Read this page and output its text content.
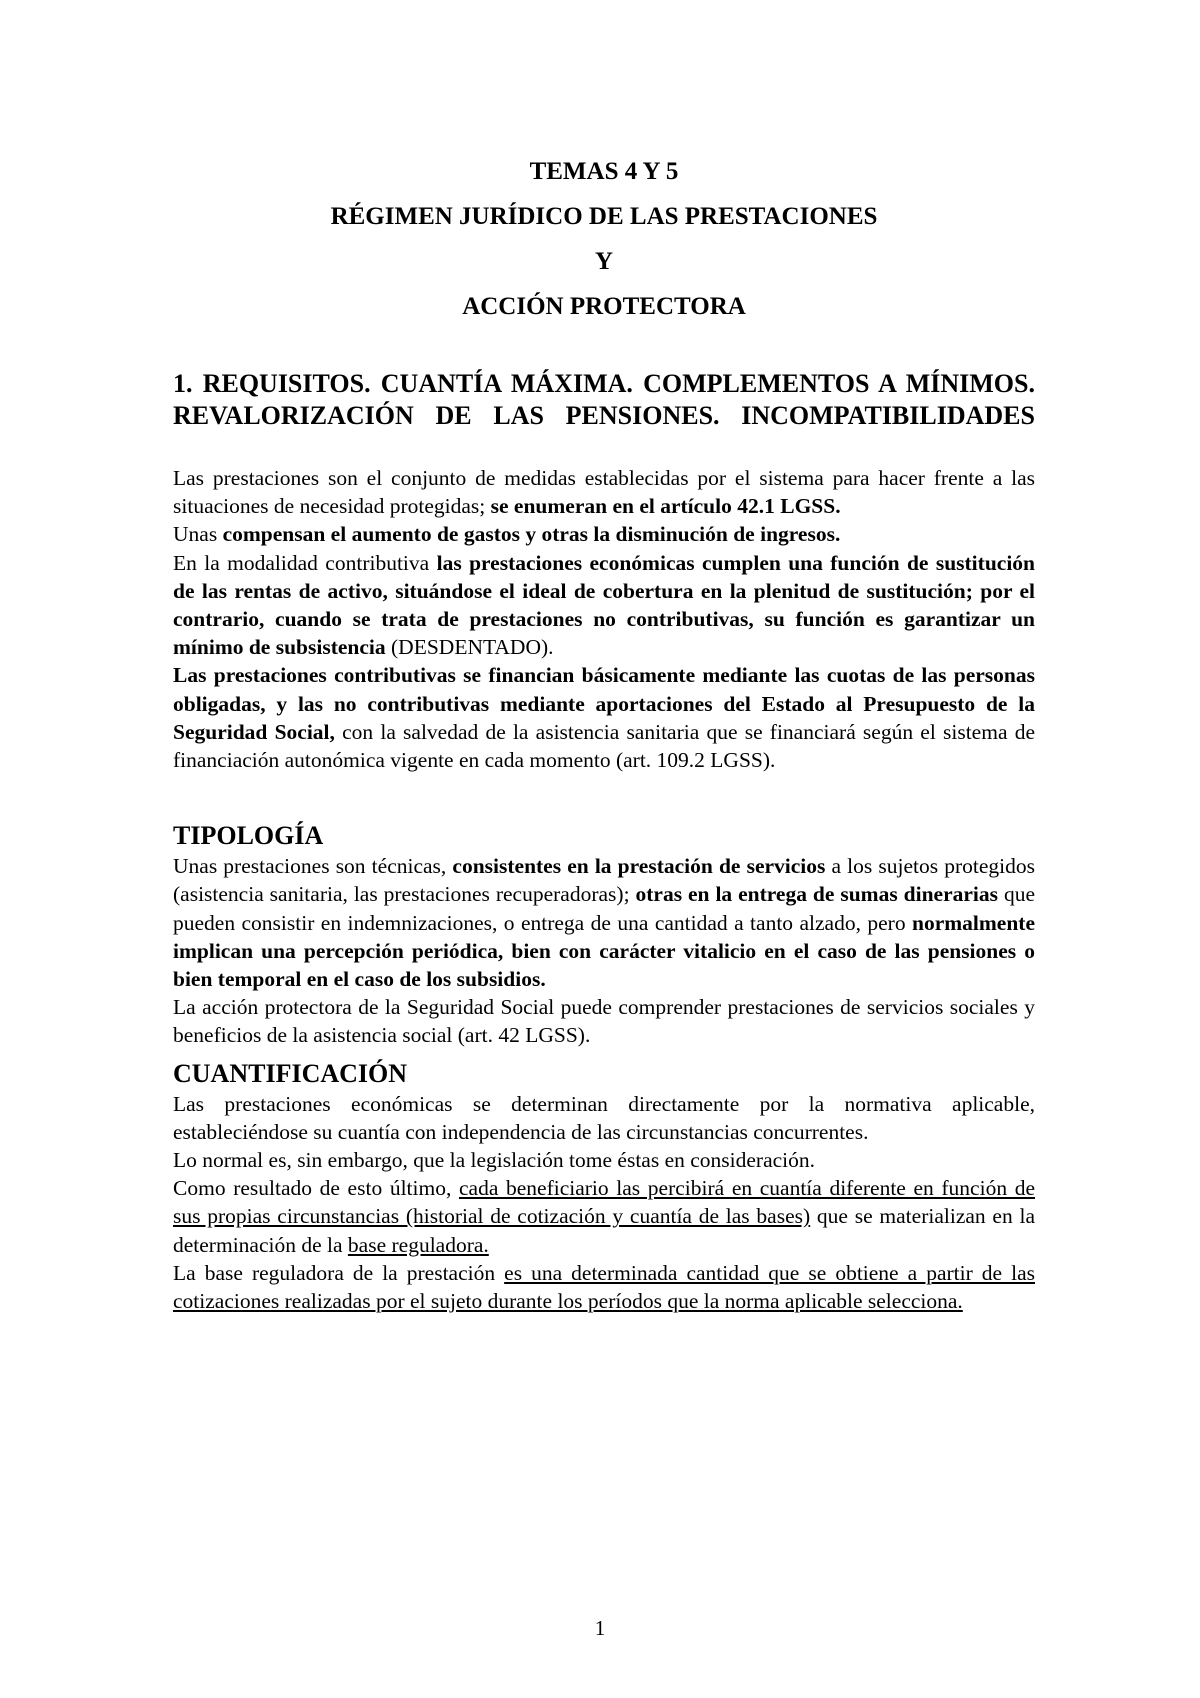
TEMAS 4 Y 5
RÉGIMEN JURÍDICO DE LAS PRESTACIONES
Y
ACCIÓN PROTECTORA
1. REQUISITOS. CUANTÍA MÁXIMA. COMPLEMENTOS A MÍNIMOS. REVALORIZACIÓN DE LAS PENSIONES. INCOMPATIBILIDADES

Las prestaciones son el conjunto de medidas establecidas por el sistema para hacer frente a las situaciones de necesidad protegidas; se enumeran en el artículo 42.1 LGSS.

Unas compensan el aumento de gastos y otras la disminución de ingresos.

En la modalidad contributiva las prestaciones económicas cumplen una función de sustitución de las rentas de activo, situándose el ideal de cobertura en la plenitud de sustitución; por el contrario, cuando se trata de prestaciones no contributivas, su función es garantizar un mínimo de subsistencia (DESDENTADO).

Las prestaciones contributivas se financian básicamente mediante las cuotas de las personas obligadas, y las no contributivas mediante aportaciones del Estado al Presupuesto de la Seguridad Social, con la salvedad de la asistencia sanitaria que se financiará según el sistema de financiación autonómica vigente en cada momento (art. 109.2 LGSS).

TIPOLOGÍA

Unas prestaciones son técnicas, consistentes en la prestación de servicios a los sujetos protegidos (asistencia sanitaria, las prestaciones recuperadoras); otras en la entrega de sumas dinerarias que pueden consistir en indemnizaciones, o entrega de una cantidad a tanto alzado, pero normalmente implican una percepción periódica, bien con carácter vitalicio en el caso de las pensiones o bien temporal en el caso de los subsidios.

La acción protectora de la Seguridad Social puede comprender prestaciones de servicios sociales y beneficios de la asistencia social (art. 42 LGSS).

CUANTIFICACIÓN

Las prestaciones económicas se determinan directamente por la normativa aplicable, estableciéndose su cuantía con independencia de las circunstancias concurrentes.

Lo normal es, sin embargo, que la legislación tome éstas en consideración.

Como resultado de esto último, cada beneficiario las percibirá en cuantía diferente en función de sus propias circunstancias (historial de cotización y cuantía de las bases) que se materializan en la determinación de la base reguladora.

La base reguladora de la prestación es una determinada cantidad que se obtiene a partir de las cotizaciones realizadas por el sujeto durante los períodos que la norma aplicable selecciona.

1
